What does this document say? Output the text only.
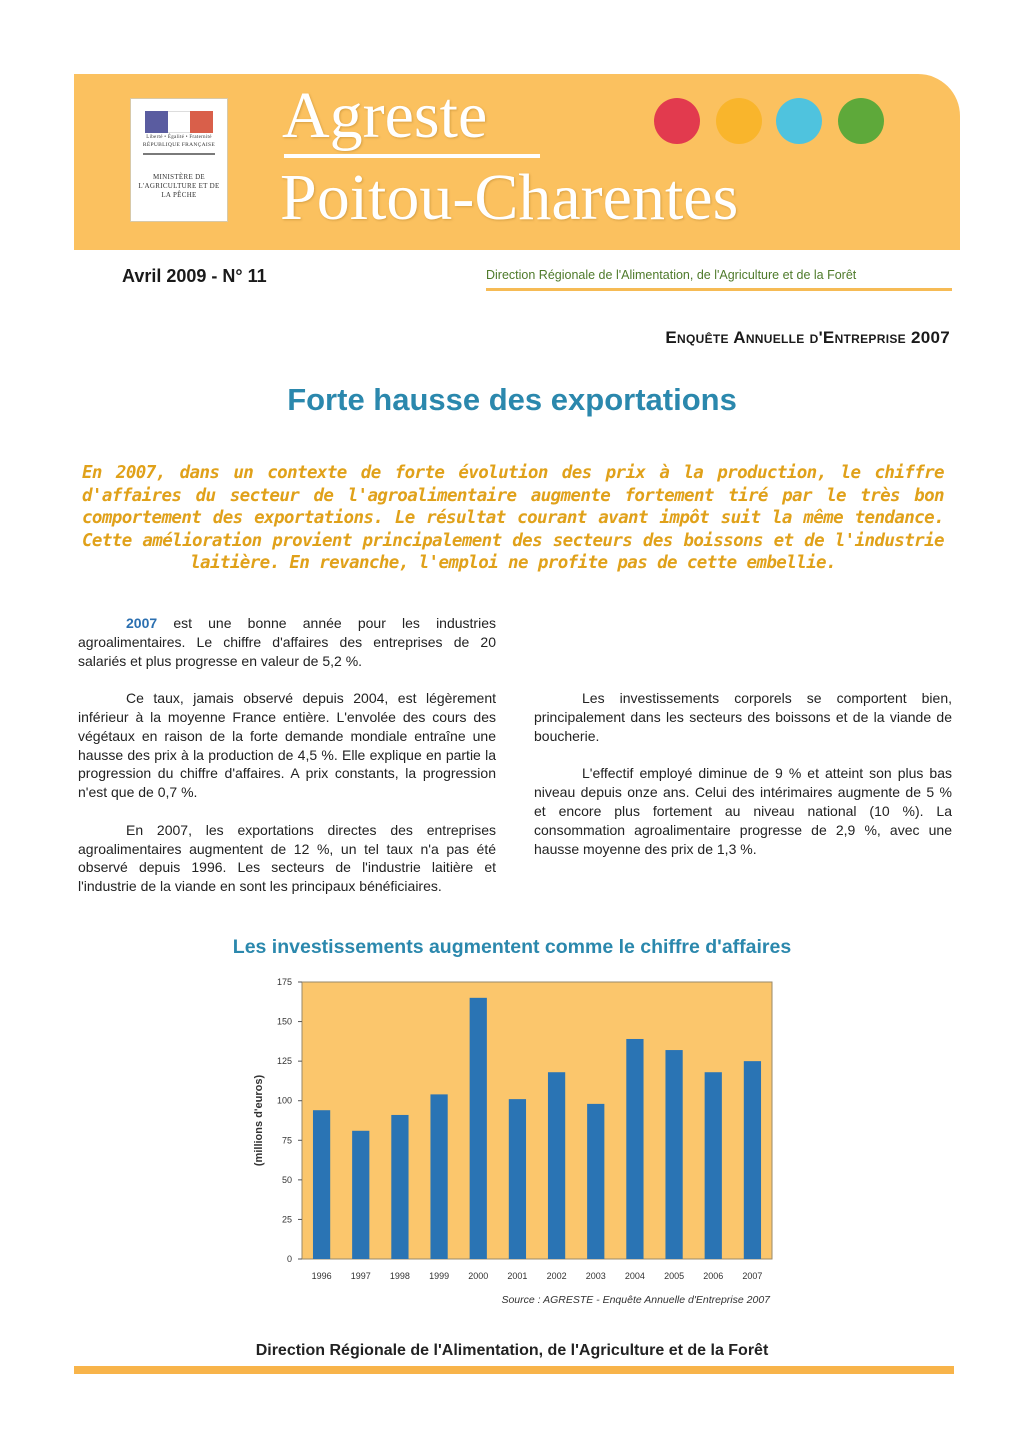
Liberté • Égalité • Fraternité
RÉPUBLIQUE FRANÇAISE
MINISTÈRE DE L'AGRICULTURE ET DE LA PÊCHE
Agreste
Poitou-Charentes
Avril 2009 - N° 11	Direction Régionale de l'Alimentation, de l'Agriculture et de la Forêt
Enquête Annuelle d'Entreprise 2007
Forte hausse des exportations
En 2007, dans un contexte de forte évolution des prix à la production, le chiffre d'affaires du secteur de l'agroalimentaire augmente fortement tiré par le très bon comportement des exportations. Le résultat courant avant impôt suit la même tendance. Cette amélioration provient principalement des secteurs des boissons et de l'industrie laitière. En revanche, l'emploi ne profite pas de cette embellie.

2007 est une bonne année pour les industries agroalimentaires. Le chiffre d'affaires des entreprises de 20 salariés et plus progresse en valeur de 5,2 %.

Ce taux, jamais observé depuis 2004, est légèrement inférieur à la moyenne France entière. L'envolée des cours des végétaux en raison de la forte demande mondiale entraîne une hausse des prix à la production de 4,5 %. Elle explique en partie la progression du chiffre d'affaires. A prix constants, la progression n'est que de 0,7 %.

En 2007, les exportations directes des entreprises agroalimentaires augmentent de 12 %, un tel taux n'a pas été observé depuis 1996. Les secteurs de l'industrie laitière et l'industrie de la viande en sont les principaux bénéficiaires.

Les investissements corporels se comportent bien, principalement dans les secteurs des boissons et de la viande de boucherie.

L'effectif employé diminue de 9 % et atteint son plus bas niveau depuis onze ans. Celui des intérimaires augmente de 5 % et encore plus fortement au niveau national (10 %). La consommation agroalimentaire progresse de 2,9 %, avec une hausse moyenne des prix de 1,3 %.

Les investissements augmentent comme le chiffre d'affaires
0
25
50
75
100
125
150
175
1996 1997 1998 1999 2000 2001 2002 2003 2004 2005 2006 2007
(millions d'euros)
Source : AGRESTE - Enquête Annuelle d'Entreprise 2007
Direction Régionale de l'Alimentation, de l'Agriculture et de la Forêt
